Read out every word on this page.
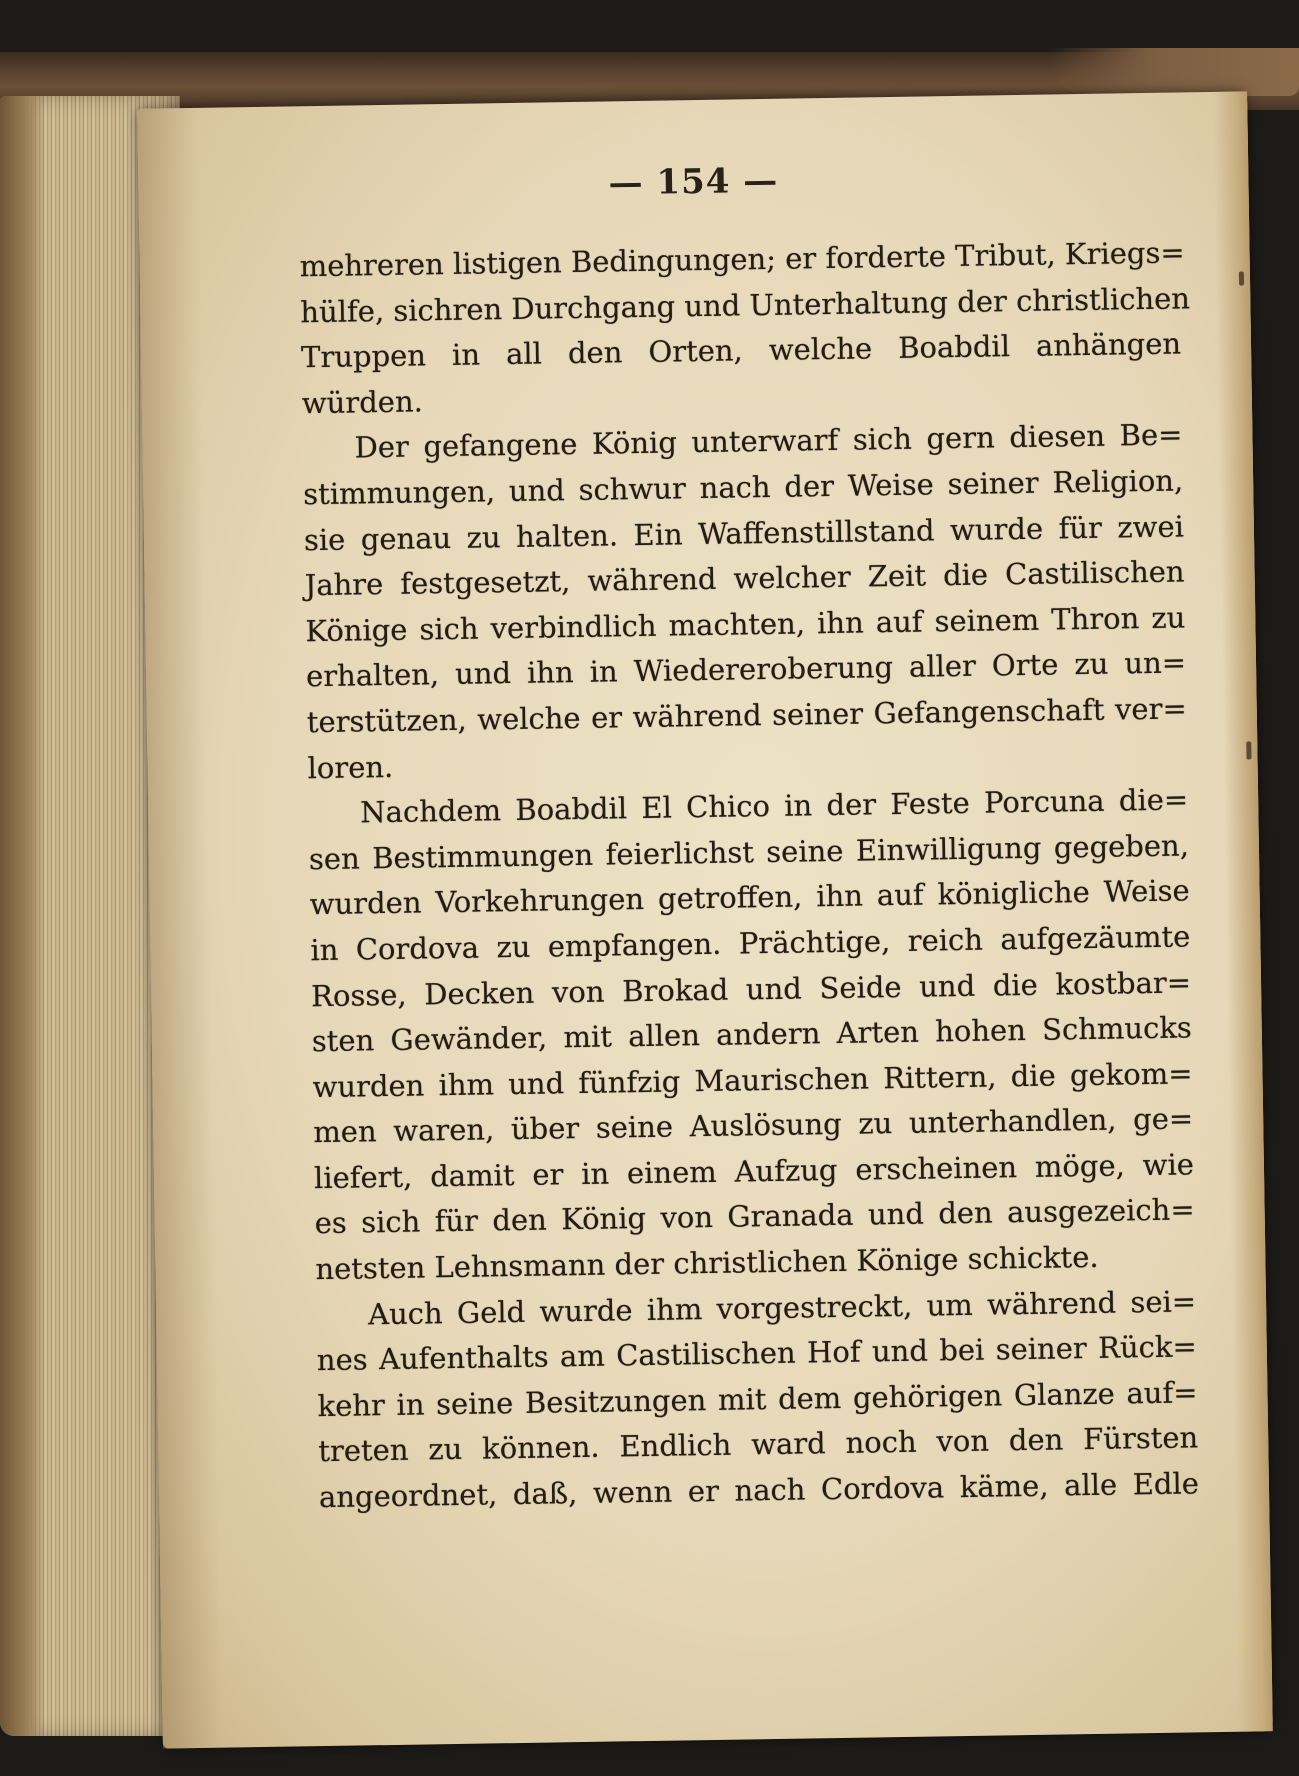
— 154 —
mehreren listigen Bedingungen; er forderte Tribut, Kriegs=
hülfe, sichren Durchgang und Unterhaltung der christlichen
Truppen in all den Orten, welche Boabdil anhängen
würden.
Der gefangene König unterwarf sich gern diesen Be=
stimmungen, und schwur nach der Weise seiner Religion,
sie genau zu halten. Ein Waffenstillstand wurde für zwei
Jahre festgesetzt, während welcher Zeit die Castilischen
Könige sich verbindlich machten, ihn auf seinem Thron zu
erhalten, und ihn in Wiedereroberung aller Orte zu un=
terstützen, welche er während seiner Gefangenschaft ver=
loren.
Nachdem Boabdil El Chico in der Feste Porcuna die=
sen Bestimmungen feierlichst seine Einwilligung gegeben,
wurden Vorkehrungen getroffen, ihn auf königliche Weise
in Cordova zu empfangen. Prächtige, reich aufgezäumte
Rosse, Decken von Brokad und Seide und die kostbar=
sten Gewänder, mit allen andern Arten hohen Schmucks
wurden ihm und fünfzig Maurischen Rittern, die gekom=
men waren, über seine Auslösung zu unterhandlen, ge=
liefert, damit er in einem Aufzug erscheinen möge, wie
es sich für den König von Granada und den ausgezeich=
netsten Lehnsmann der christlichen Könige schickte.
Auch Geld wurde ihm vorgestreckt, um während sei=
nes Aufenthalts am Castilischen Hof und bei seiner Rück=
kehr in seine Besitzungen mit dem gehörigen Glanze auf=
treten zu können. Endlich ward noch von den Fürsten
angeordnet, daß, wenn er nach Cordova käme, alle Edle
